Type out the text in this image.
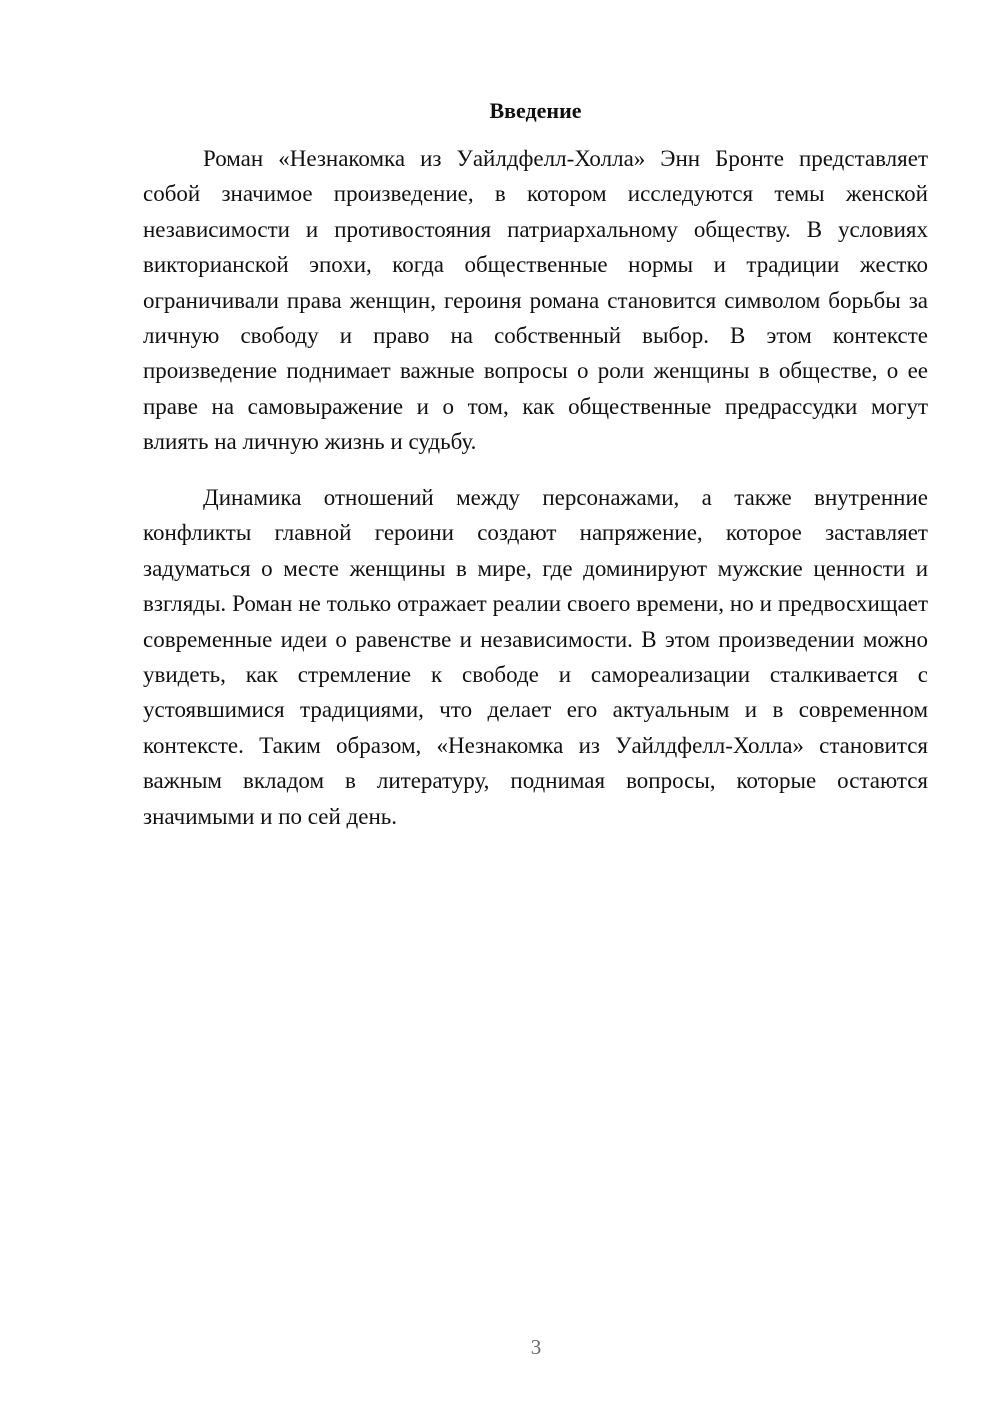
Введение

Роман «Незнакомка из Уайлдфелл-Холла» Энн Бронте представляет собой значимое произведение, в котором исследуются темы женской независимости и противостояния патриархальному обществу. В условиях викторианской эпохи, когда общественные нормы и традиции жестко ограничивали права женщин, героиня романа становится символом борьбы за личную свободу и право на собственный выбор. В этом контексте произведение поднимает важные вопросы о роли женщины в обществе, о ее праве на самовыражение и о том, как общественные предрассудки могут влиять на личную жизнь и судьбу.

Динамика отношений между персонажами, а также внутренние конфликты главной героини создают напряжение, которое заставляет задуматься о месте женщины в мире, где доминируют мужские ценности и взгляды. Роман не только отражает реалии своего времени, но и предвосхищает современные идеи о равенстве и независимости. В этом произведении можно увидеть, как стремление к свободе и самореализации сталкивается с устоявшимися традициями, что делает его актуальным и в современном контексте. Таким образом, «Незнакомка из Уайлдфелл-Холла» становится важным вкладом в литературу, поднимая вопросы, которые остаются значимыми и по сей день.

3
